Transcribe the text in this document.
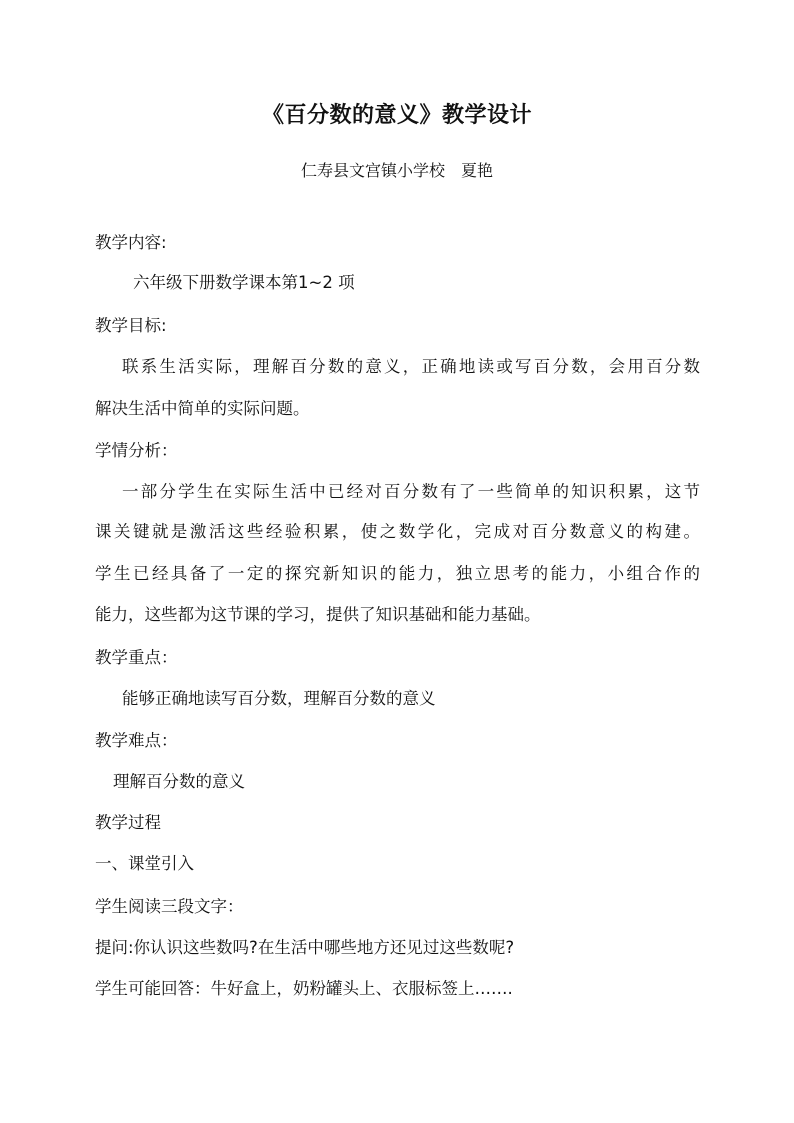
《百分数的意义》教学设计
仁寿县文宫镇小学校　夏艳
教学内容:
六年级下册数学课本第1~2 项
教学目标:
联系生活实际，理解百分数的意义，正确地读或写百分数，会用百分数
解决生活中简单的实际问题。
学情分析：
一部分学生在实际生活中已经对百分数有了一些简单的知识积累，这节
课关键就是激活这些经验积累，使之数学化，完成对百分数意义的构建。
学生已经具备了一定的探究新知识的能力，独立思考的能力，小组合作的
能力，这些都为这节课的学习，提供了知识基础和能力基础。
教学重点：
能够正确地读写百分数，理解百分数的意义
教学难点：
理解百分数的意义
教学过程
一、课堂引入
学生阅读三段文字：
提问:你认识这些数吗?在生活中哪些地方还见过这些数呢?
学生可能回答：牛好盒上，奶粉罐头上、衣服标签上…….
